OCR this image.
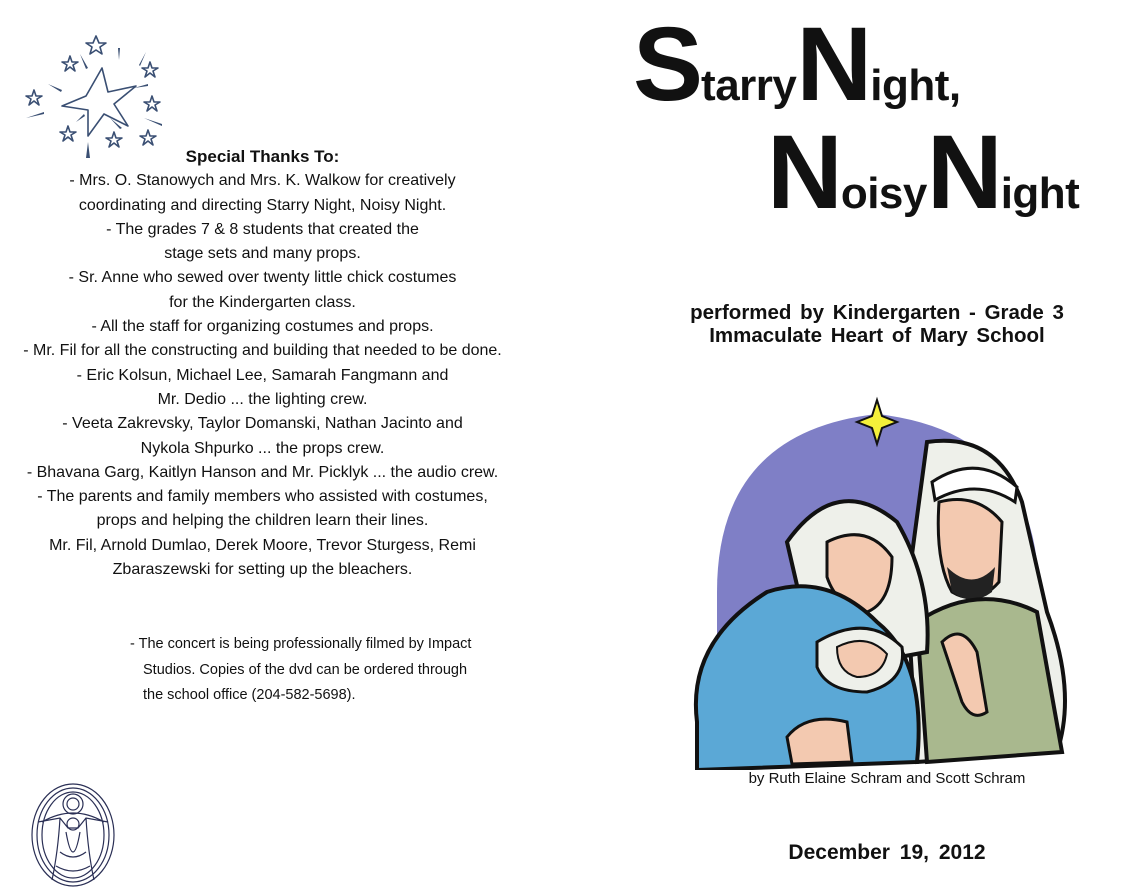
Special Thanks To:
- Mrs. O. Stanowych and Mrs. K. Walkow for creatively
coordinating and directing Starry Night, Noisy Night.
- The grades 7 & 8 students that created the
stage sets and many props.
- Sr. Anne who sewed over twenty little chick costumes
for the Kindergarten class.
- All the staff for organizing costumes and props.
- Mr. Fil for all the constructing and building that needed to be done.
- Eric Kolsun, Michael Lee, Samarah Fangmann and
Mr. Dedio ... the lighting crew.
- Veeta Zakrevsky, Taylor Domanski, Nathan Jacinto and
Nykola Shpurko ... the props crew.
- Bhavana Garg, Kaitlyn Hanson and Mr. Picklyk ... the audio crew.
- The parents and family members who assisted with costumes,
props and helping the children learn their lines.
Mr. Fil, Arnold Dumlao, Derek Moore, Trevor Sturgess, Remi
Zbaraszewski for setting up the bleachers.
- The concert is being professionally filmed by Impact
Studios. Copies of the dvd can be ordered through
the school office (204-582-5698).
StarryNight,
NoisyNight
performed by Kindergarten - Grade 3
Immaculate Heart of Mary School
by Ruth Elaine Schram and Scott Schram
December 19, 2012
